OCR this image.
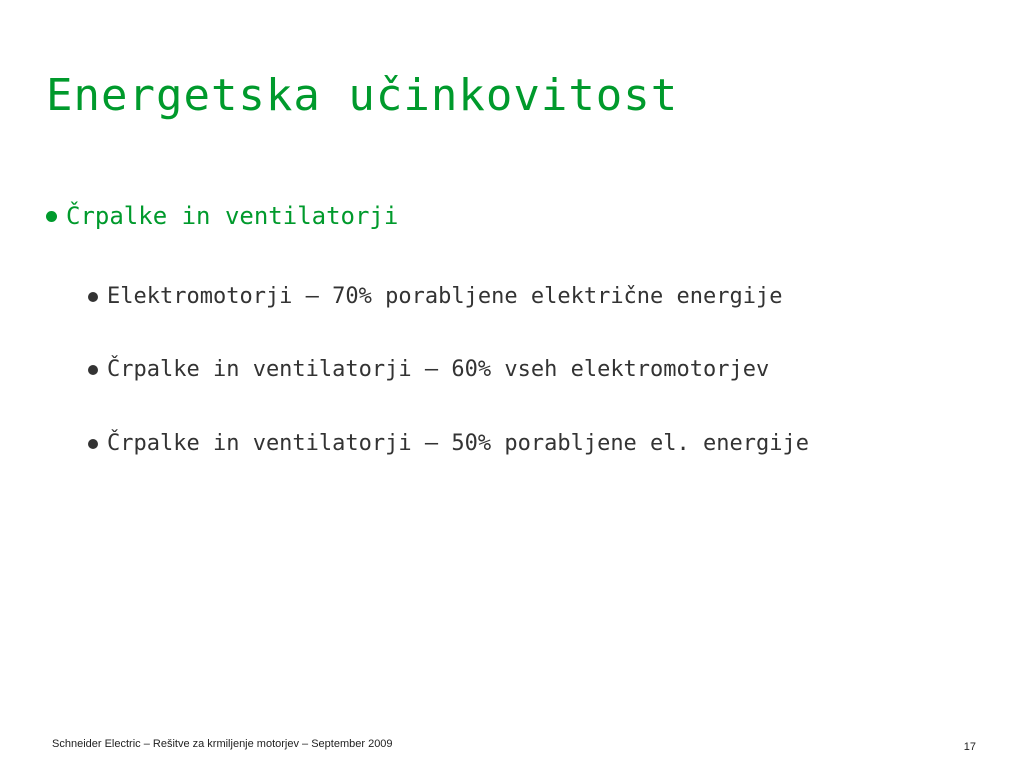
Energetska učinkovitost
Črpalke in ventilatorji
Elektromotorji – 70% porabljene električne energije
Črpalke in ventilatorji – 60% vseh elektromotorjev
Črpalke in ventilatorji – 50% porabljene el. energije
Schneider Electric – Rešitve za krmiljenje motorjev – September 2009	17
